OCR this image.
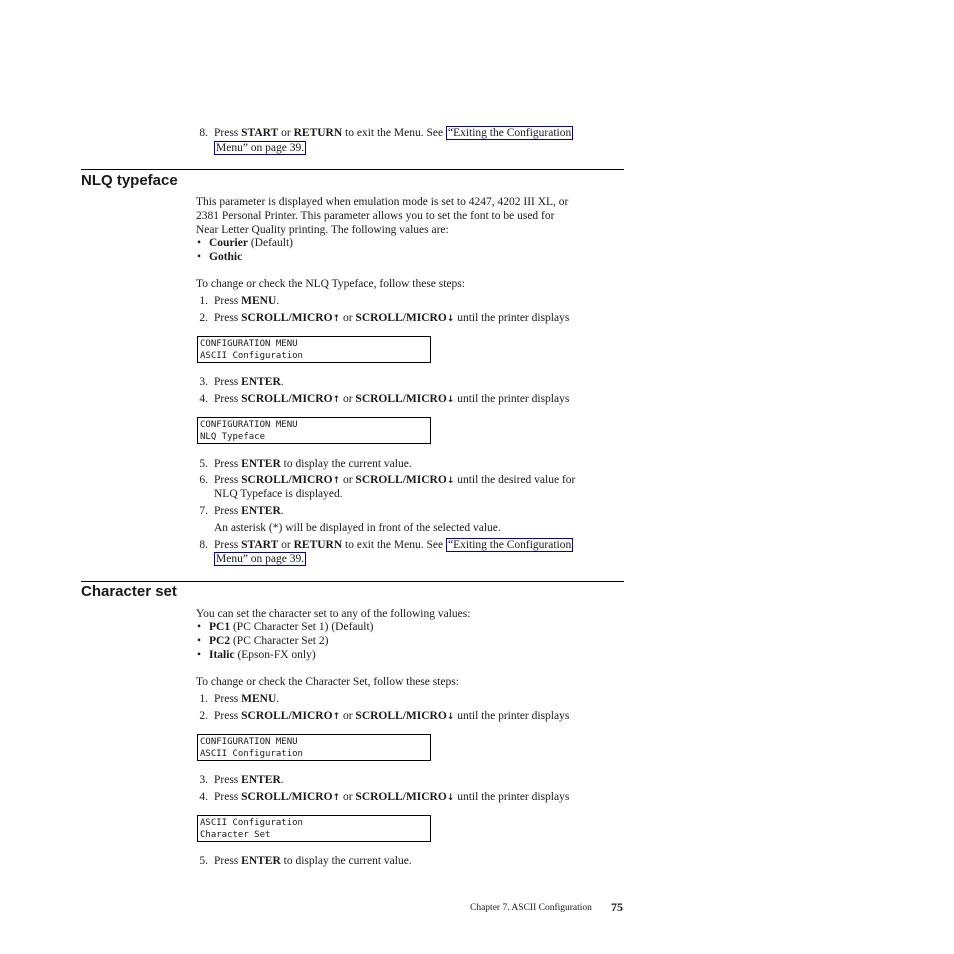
8. Press START or RETURN to exit the Menu. See “Exiting the Configuration
Menu” on page 39.
NLQ typeface
This parameter is displayed when emulation mode is set to 4247, 4202 III XL, or
2381 Personal Printer. This parameter allows you to set the font to be used for
Near Letter Quality printing. The following values are:
• Courier (Default)
• Gothic
To change or check the NLQ Typeface, follow these steps:
1. Press MENU.
2. Press SCROLL/MICRO↑ or SCROLL/MICRO↓ until the printer displays
CONFIGURATION MENU
ASCII Configuration
3. Press ENTER.
4. Press SCROLL/MICRO↑ or SCROLL/MICRO↓ until the printer displays
CONFIGURATION MENU
NLQ Typeface
5. Press ENTER to display the current value.
6. Press SCROLL/MICRO↑ or SCROLL/MICRO↓ until the desired value for
NLQ Typeface is displayed.
7. Press ENTER.
An asterisk (*) will be displayed in front of the selected value.
8. Press START or RETURN to exit the Menu. See “Exiting the Configuration
Menu” on page 39.
Character set
You can set the character set to any of the following values:
• PC1 (PC Character Set 1) (Default)
• PC2 (PC Character Set 2)
• Italic (Epson-FX only)
To change or check the Character Set, follow these steps:
1. Press MENU.
2. Press SCROLL/MICRO↑ or SCROLL/MICRO↓ until the printer displays
CONFIGURATION MENU
ASCII Configuration
3. Press ENTER.
4. Press SCROLL/MICRO↑ or SCROLL/MICRO↓ until the printer displays
ASCII Configuration
Character Set
5. Press ENTER to display the current value.
Chapter 7. ASCII Configuration 75
